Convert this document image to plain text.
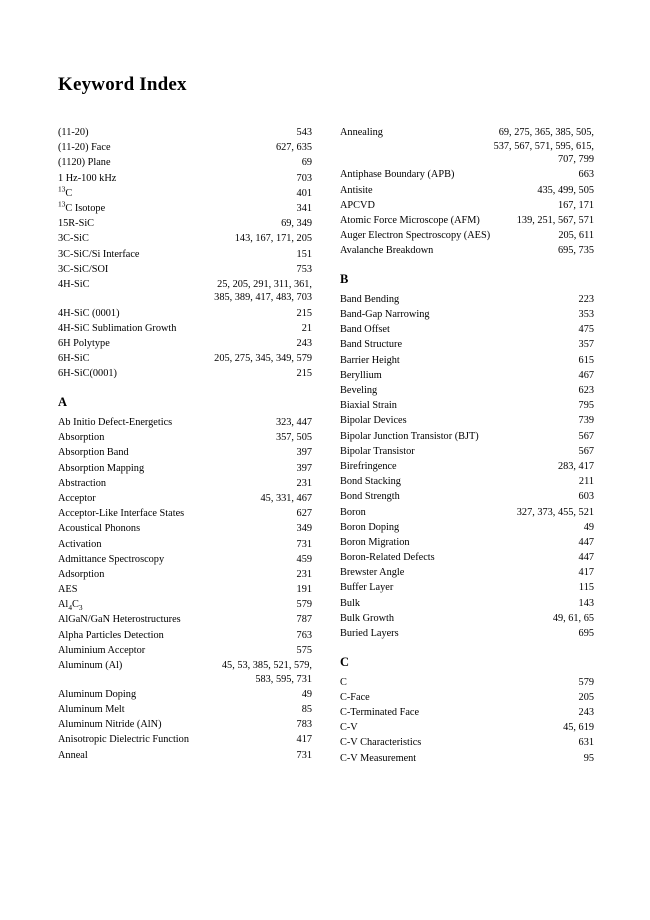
Keyword Index
(11-20)	543
(11-20) Face	627, 635
(1120) Plane	69
1 Hz-100 kHz	703
$^{13}$C	401
$^{13}$C Isotope	341
15R-SiC	69, 349
3C-SiC	143, 167, 171, 205
3C-SiC/Si Interface	151
3C-SiC/SOI	753
4H-SiC	25, 205, 291, 311, 361, 385, 389, 417, 483, 703
4H-SiC (0001)	215
4H-SiC Sublimation Growth	21
6H Polytype	243
6H-SiC	205, 275, 345, 349, 579
6H-SiC(0001)	215
A
Ab Initio Defect-Energetics	323, 447
Absorption	357, 505
Absorption Band	397
Absorption Mapping	397
Abstraction	231
Acceptor	45, 331, 467
Acceptor-Like Interface States	627
Acoustical Phonons	349
Activation	731
Admittance Spectroscopy	459
Adsorption	231
AES	191
$Al_4C_3$	579
AlGaN/GaN Heterostructures	787
Alpha Particles Detection	763
Aluminium Acceptor	575
Aluminum (Al)	45, 53, 385, 521, 579, 583, 595, 731
Aluminum Doping	49
Aluminum Melt	85
Aluminum Nitride (AlN)	783
Anisotropic Dielectric Function	417
Anneal	731
Annealing	69, 275, 365, 385, 505, 537, 567, 571, 595, 615, 707, 799
Antiphase Boundary (APB)	663
Antisite	435, 499, 505
APCVD	167, 171
Atomic Force Microscope (AFM)	139, 251, 567, 571
Auger Electron Spectroscopy (AES)	205, 611
Avalanche Breakdown	695, 735
B
Band Bending	223
Band-Gap Narrowing	353
Band Offset	475
Band Structure	357
Barrier Height	615
Beryllium	467
Beveling	623
Biaxial Strain	795
Bipolar Devices	739
Bipolar Junction Transistor (BJT)	567
Bipolar Transistor	567
Birefringence	283, 417
Bond Stacking	211
Bond Strength	603
Boron	327, 373, 455, 521
Boron Doping	49
Boron Migration	447
Boron-Related Defects	447
Brewster Angle	417
Buffer Layer	115
Bulk	143
Bulk Growth	49, 61, 65
Buried Layers	695
C
C	579
C-Face	205
C-Terminated Face	243
C-V	45, 619
C-V Characteristics	631
C-V Measurement	95
